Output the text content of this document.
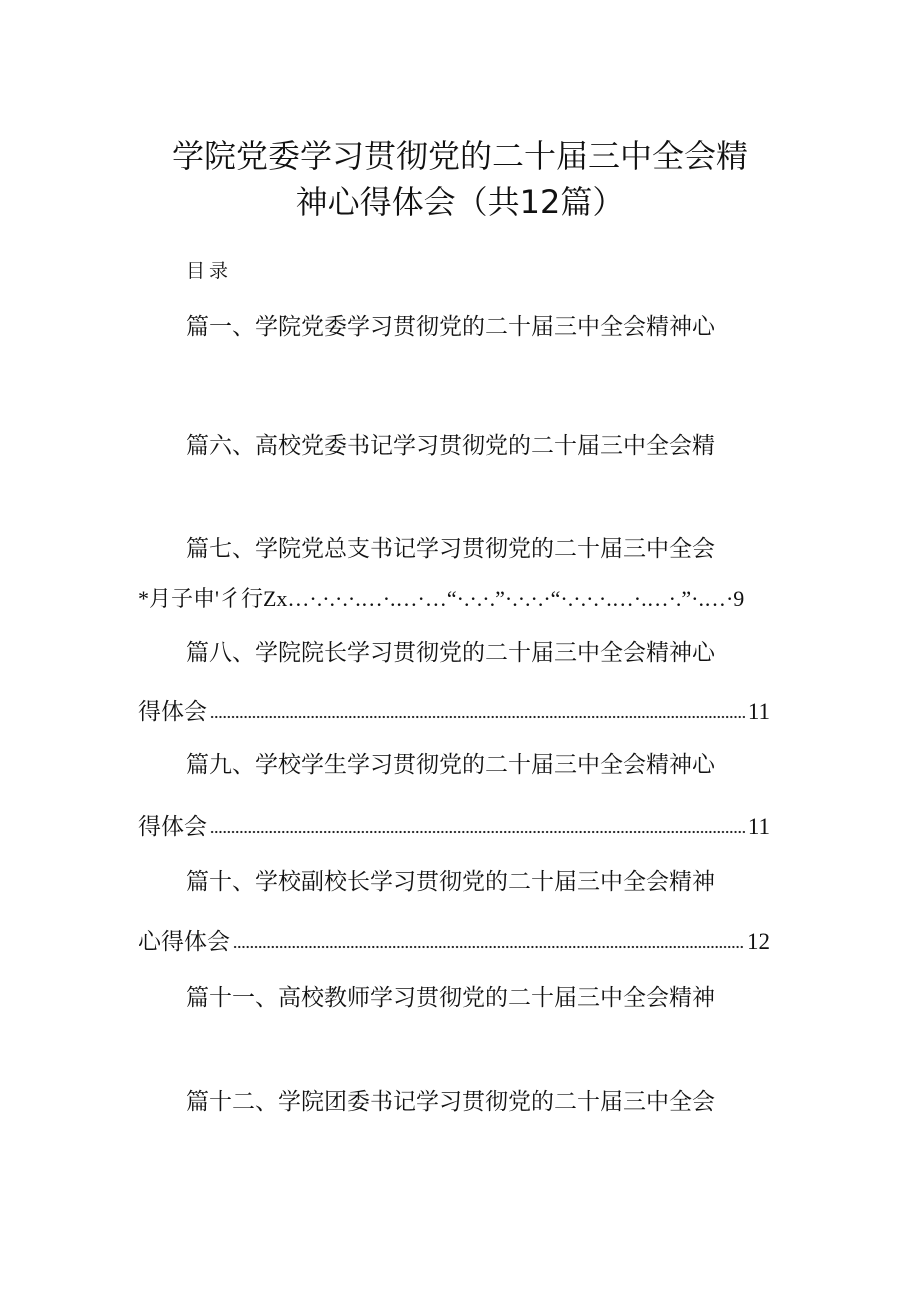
学院党委学习贯彻党的二十届三中全会精
神心得体会（共12篇）
目录
篇一、学院党委学习贯彻党的二十届三中全会精神心
篇六、高校党委书记学习贯彻党的二十届三中全会精
篇七、学院党总支书记学习贯彻党的二十届三中全会
*月子申'彳行Zx…·.·.·.·.…·.…·…“·.·.·.”·.·.·.·“·.·.·.·.…·.…·.”·.…·9
篇八、学院院长学习贯彻党的二十届三中全会精神心
得体会	11
篇九、学校学生学习贯彻党的二十届三中全会精神心
得体会	11
篇十、学校副校长学习贯彻党的二十届三中全会精神
心得体会	12
篇十一、高校教师学习贯彻党的二十届三中全会精神
篇十二、学院团委书记学习贯彻党的二十届三中全会
